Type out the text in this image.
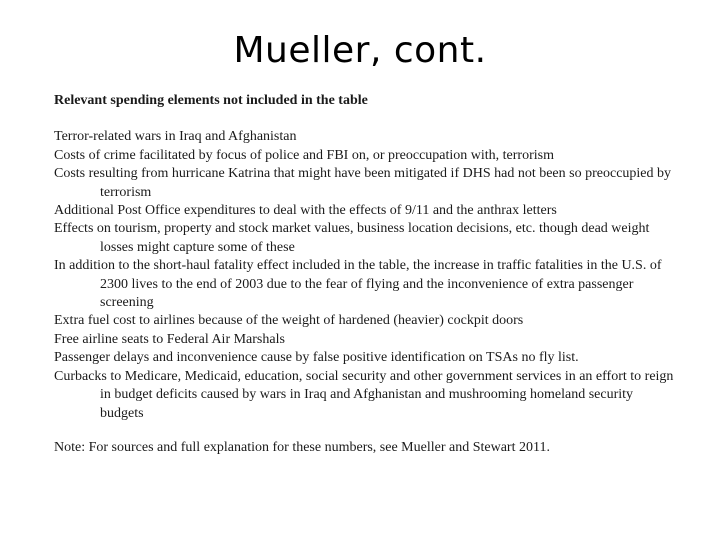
Mueller, cont.

Relevant spending elements not included in the table

Terror-related wars in Iraq and Afghanistan

Costs of crime facilitated by focus of police and FBI on, or preoccupation with, terrorism

Costs resulting from hurricane Katrina that might have been mitigated if DHS had not been so preoccupied by terrorism

Additional Post Office expenditures to deal with the effects of 9/11 and the anthrax letters

Effects on tourism, property and stock market values, business location decisions, etc. though dead weight losses might capture some of these

In addition to the short-haul fatality effect included in the table, the increase in traffic fatalities in the U.S. of 2300 lives to the end of 2003 due to the fear of flying and the inconvenience of extra passenger screening

Extra fuel cost to airlines because of the weight of hardened (heavier) cockpit doors

Free airline seats to Federal Air Marshals

Passenger delays and inconvenience cause by false positive identification on TSAs no fly list.

Curbacks to Medicare, Medicaid, education, social security and other government services in an effort to reign in budget deficits caused by wars in Iraq and Afghanistan and mushrooming homeland security budgets

Note: For sources and full explanation for these numbers, see Mueller and Stewart 2011.
